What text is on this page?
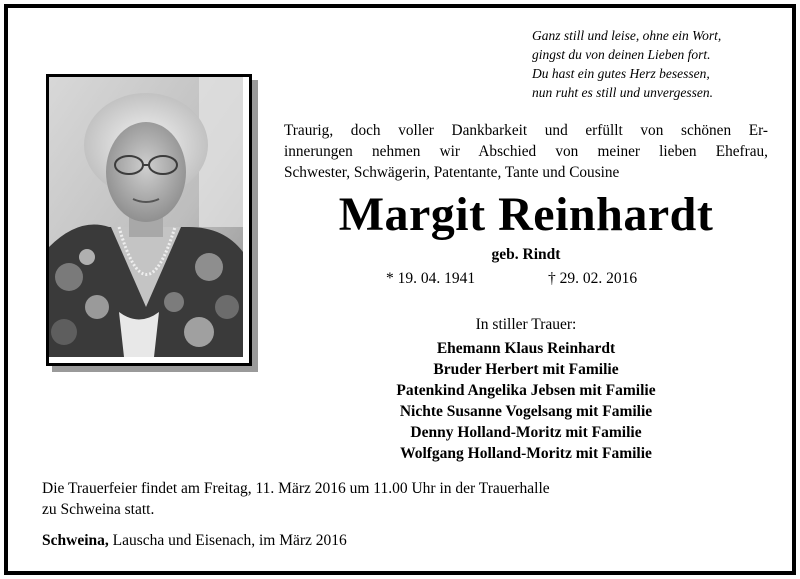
Ganz still und leise, ohne ein Wort,
gingst du von deinen Lieben fort.
Du hast ein gutes Herz besessen,
nun ruht es still und unvergessen.
Traurig, doch voller Dankbarkeit und erfüllt von schönen Er-
innerungen nehmen wir Abschied von meiner lieben Ehefrau,
Schwester, Schwägerin, Patentante, Tante und Cousine
Margit Reinhardt
geb. Rindt
* 19. 04. 1941	† 29. 02. 2016
In stiller Trauer:
Ehemann Klaus Reinhardt
Bruder Herbert mit Familie
Patenkind Angelika Jebsen mit Familie
Nichte Susanne Vogelsang mit Familie
Denny Holland-Moritz mit Familie
Wolfgang Holland-Moritz mit Familie
Die Trauerfeier findet am Freitag, 11. März 2016 um 11.00 Uhr in der Trauerhalle
zu Schweina statt.
Schweina, Lauscha und Eisenach, im März 2016
